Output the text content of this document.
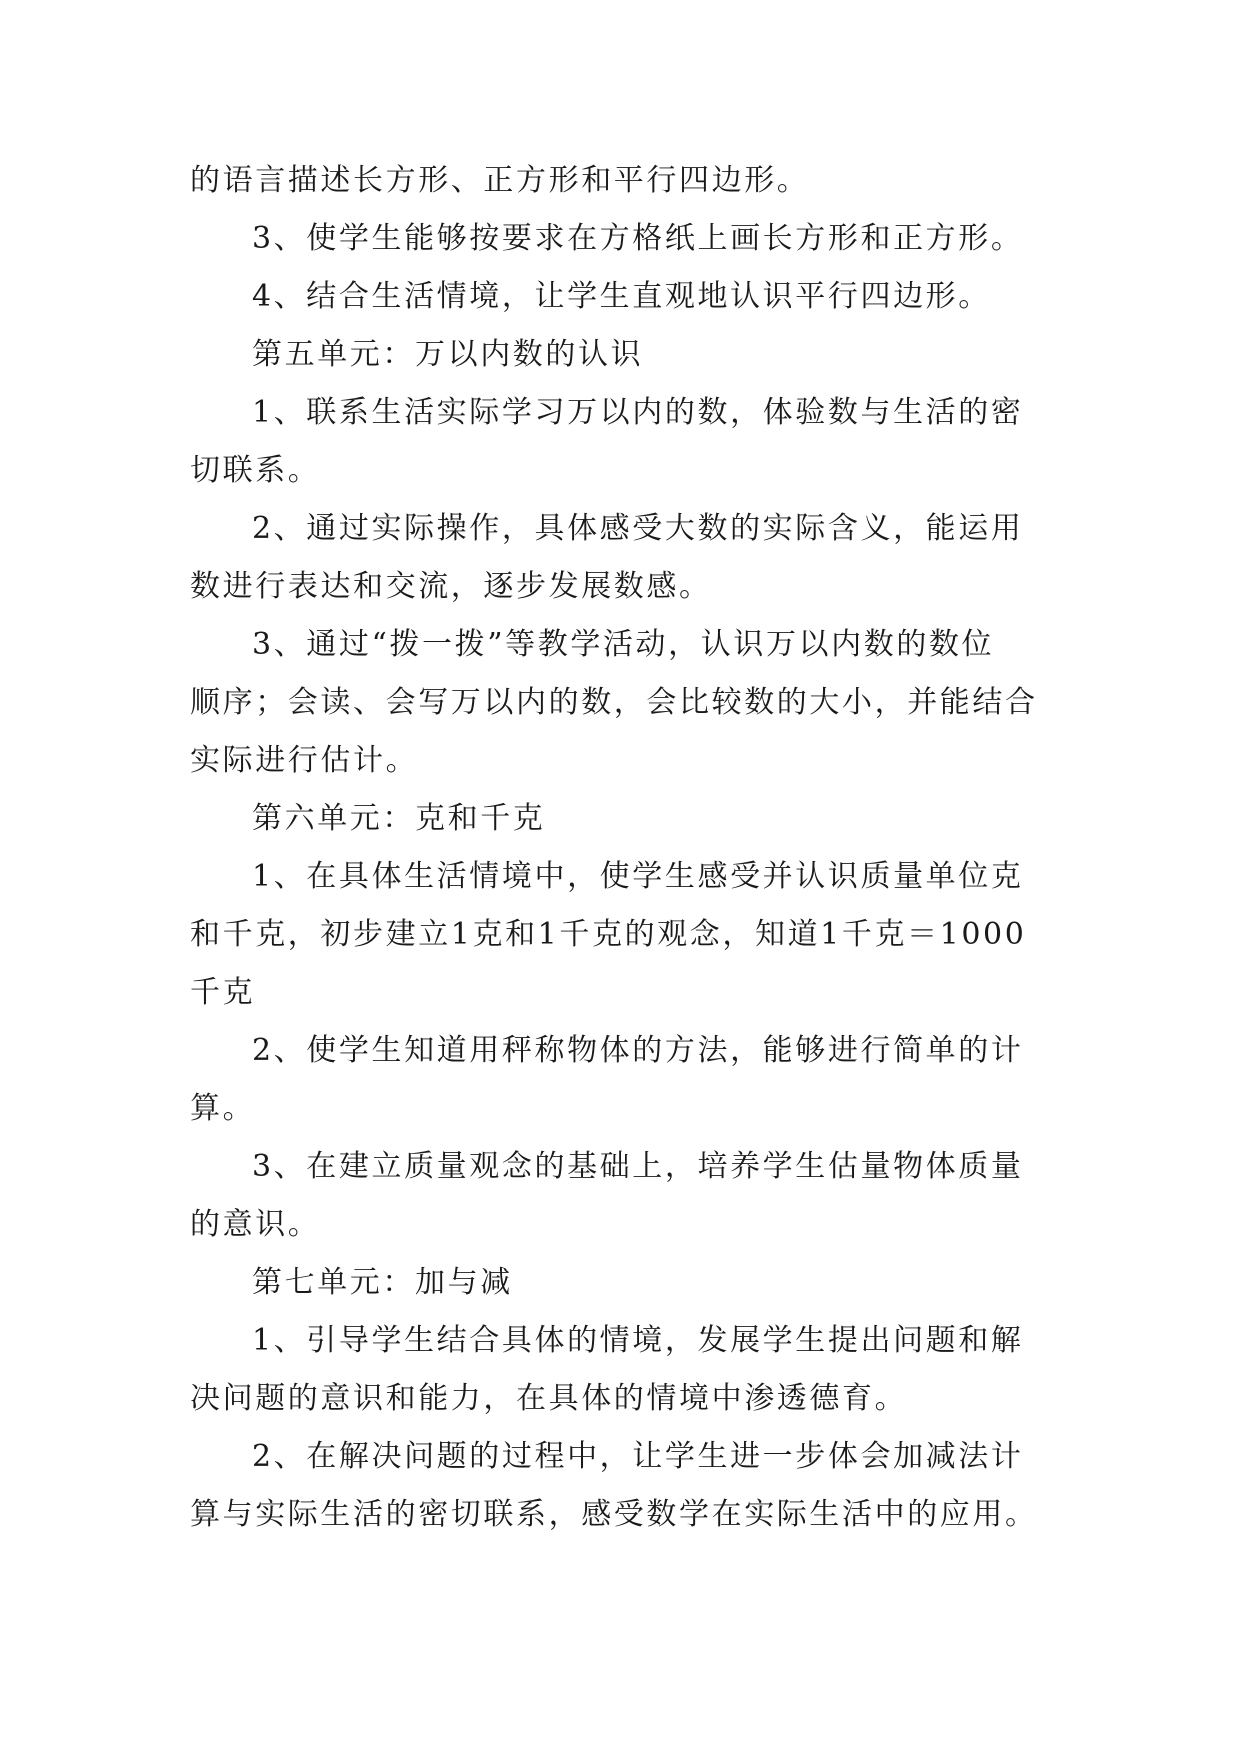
的语言描述长方形、正方形和平行四边形。
3、使学生能够按要求在方格纸上画长方形和正方形。
4、结合生活情境，让学生直观地认识平行四边形。
第五单元：万以内数的认识
1、联系生活实际学习万以内的数，体验数与生活的密
切联系。
2、通过实际操作，具体感受大数的实际含义，能运用
数进行表达和交流，逐步发展数感。
3、通过“拨一拨”等教学活动，认识万以内数的数位
顺序；会读、会写万以内的数，会比较数的大小，并能结合
实际进行估计。
第六单元：克和千克
1、在具体生活情境中，使学生感受并认识质量单位克
和千克，初步建立1克和1千克的观念，知道1千克＝1000
千克
2、使学生知道用秤称物体的方法，能够进行简单的计
算。
3、在建立质量观念的基础上，培养学生估量物体质量
的意识。
第七单元：加与减
1、引导学生结合具体的情境，发展学生提出问题和解
决问题的意识和能力，在具体的情境中渗透德育。
2、在解决问题的过程中，让学生进一步体会加减法计
算与实际生活的密切联系，感受数学在实际生活中的应用。
